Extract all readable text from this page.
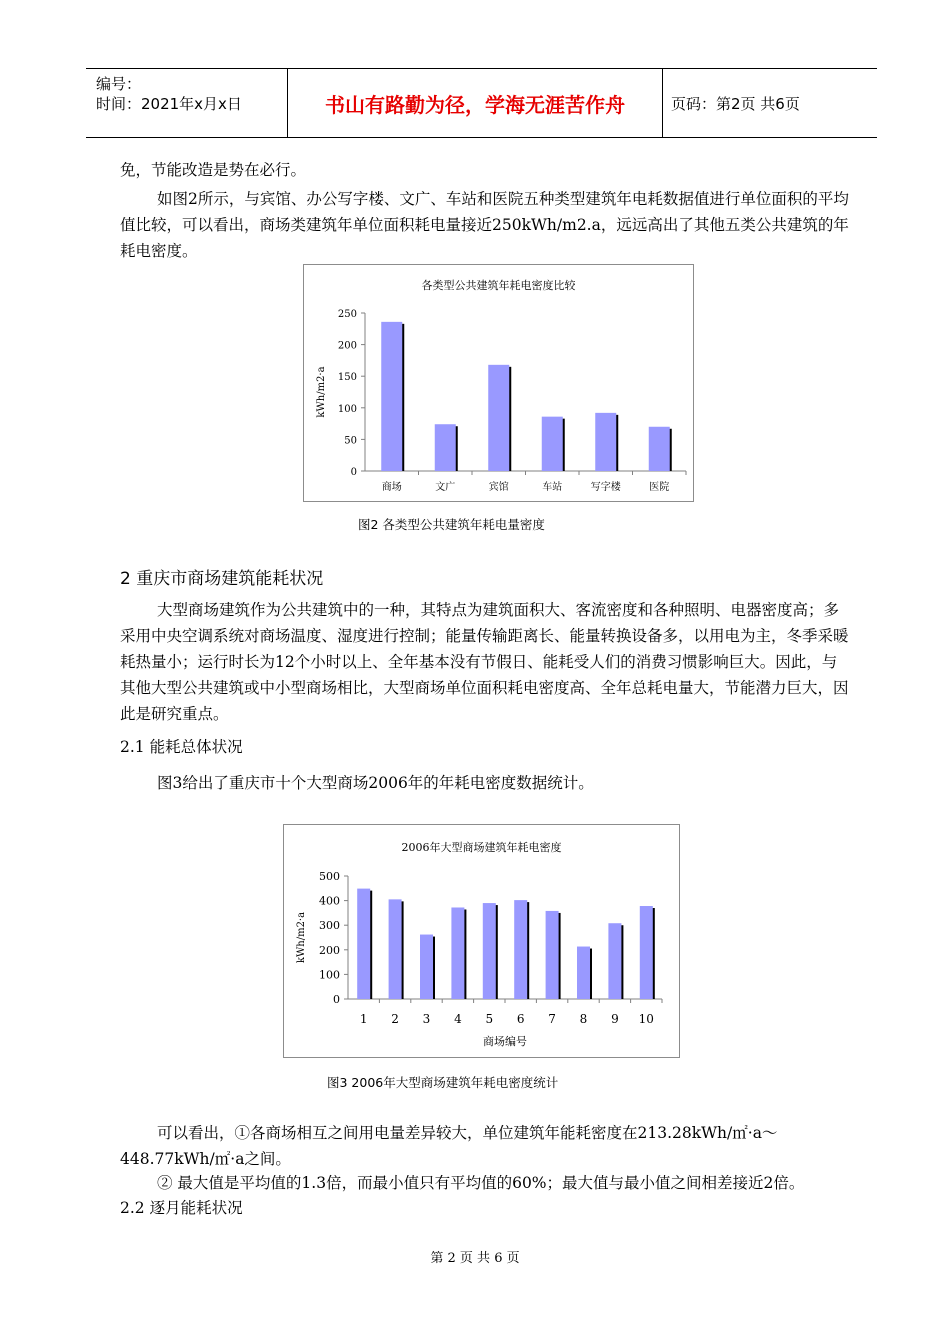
编号：
时间：2021年x月x日	书山有路勤为径，学海无涯苦作舟	页码：第2页 共6页
免，节能改造是势在必行。
如图2所示，与宾馆、办公写字楼、文广、车站和医院五种类型建筑年电耗数据值进行单位面积的平均值比较，可以看出，商场类建筑年单位面积耗电量接近250kWh/m2.a，远远高出了其他五类公共建筑的年耗电密度。
各类型公共建筑年耗电密度比较
0
50
100
150
200
250
商场	文广	宾馆	车站	写字楼	医院
kWh/m2·a
图2 各类型公共建筑年耗电量密度
2 重庆市商场建筑能耗状况
大型商场建筑作为公共建筑中的一种，其特点为建筑面积大、客流密度和各种照明、电器密度高；多采用中央空调系统对商场温度、湿度进行控制；能量传输距离长、能量转换设备多，以用电为主，冬季采暖耗热量小；运行时长为12个小时以上、全年基本没有节假日、能耗受人们的消费习惯影响巨大。因此，与其他大型公共建筑或中小型商场相比，大型商场单位面积耗电密度高、全年总耗电量大，节能潜力巨大，因此是研究重点。
2.1 能耗总体状况
图3给出了重庆市十个大型商场2006年的年耗电密度数据统计。
2006年大型商场建筑年耗电密度
0
100
200
300
400
500
1 2 3 4 5 6 7 8 9 10
kWh/m2·a
商场编号
图3 2006年大型商场建筑年耗电密度统计
可以看出，①各商场相互之间用电量差异较大，单位建筑年能耗密度在213.28kWh/㎡·a～448.77kWh/㎡·a之间。
② 最大值是平均值的1.3倍，而最小值只有平均值的60%；最大值与最小值之间相差接近2倍。
2.2 逐月能耗状况
第 2 页 共 6 页
